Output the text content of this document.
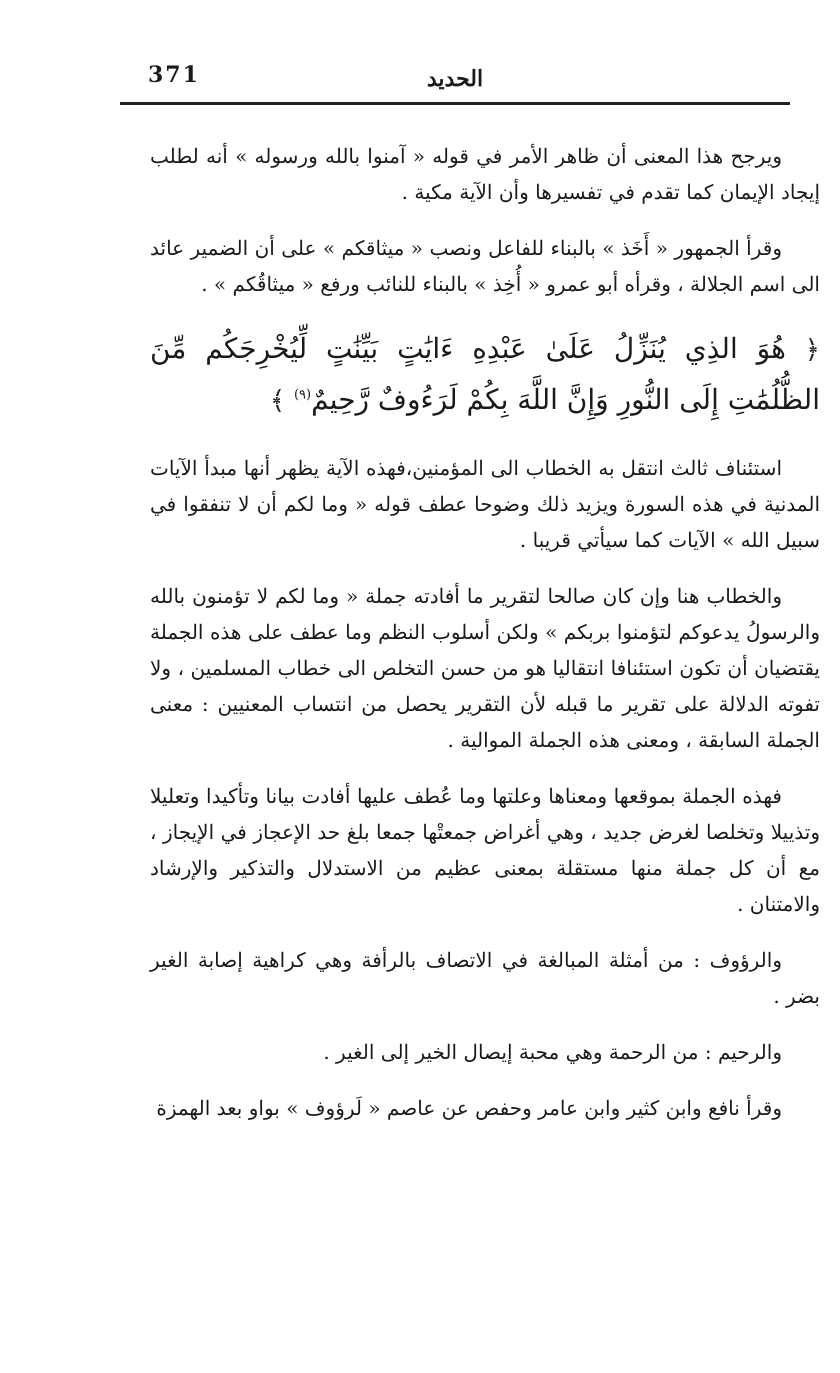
الحديد
371

ويرجح هذا المعنى أن ظاهر الأمر في قوله « آمنوا بالله ورسوله » أنه لطلب إيجاد الإيمان كما تقدم في تفسيرها وأن الآية مكية .

وقرأ الجمهور « أَخَذ » بالبناء للفاعل ونصب « ميثاقكم » على أن الضمير عائد الى اسم الجلالة ، وقرأه أبو عمرو « أُخِذ » بالبناء للنائب ورفع « ميثاقُكم » .

﴿ هُوَ الذِي يُنَزِّلُ عَلَىٰ عَبْدِهِ ءَايَٰتٍ بَيِّنَٰتٍ لِّيُخْرِجَكُم مِّنَ الظُّلُمَٰتِ إِلَى النُّورِ وَإِنَّ اللَّهَ بِكُمْ لَرَءُوفٌ رَّحِيمٌ$^{(٩)}$ ﴾

استئناف ثالث انتقل به الخطاب الى المؤمنين،فهذه الآية يظهر أنها مبدأ الآيات المدنية في هذه السورة ويزيد ذلك وضوحا عطف قوله « وما لكم أن لا تنفقوا في سبيل الله » الآيات كما سيأتي قريبا .

والخطاب هنا وإن كان صالحا لتقرير ما أفادته جملة « وما لكم لا تؤمنون بالله والرسولُ يدعوكم لتؤمنوا بربكم » ولكن أسلوب النظم وما عطف على هذه الجملة يقتضيان أن تكون استئنافا انتقاليا هو من حسن التخلص الى خطاب المسلمين ، ولا تفوته الدلالة على تقرير ما قبله لأن التقرير يحصل من انتساب المعنيين : معنى الجملة السابقة ، ومعنى هذه الجملة الموالية .

فهذه الجملة بموقعها ومعناها وعلتها وما عُطف عليها أفادت بيانا وتأكيدا وتعليلا وتذييلا وتخلصا لغرض جديد ، وهي أغراض جمعتْها جمعا بلغ حد الإعجاز في الإيجاز ، مع أن كل جملة منها مستقلة بمعنى عظيم من الاستدلال والتذكير والإرشاد والامتنان .

والرؤوف : من أمثلة المبالغة في الاتصاف بالرأفة وهي كراهية إصابة الغير بضر .

والرحيم : من الرحمة وهي محبة إيصال الخير إلى الغير .

وقرأ نافع وابن كثير وابن عامر وحفص عن عاصم « لَرؤوف » بواو بعد الهمزة
